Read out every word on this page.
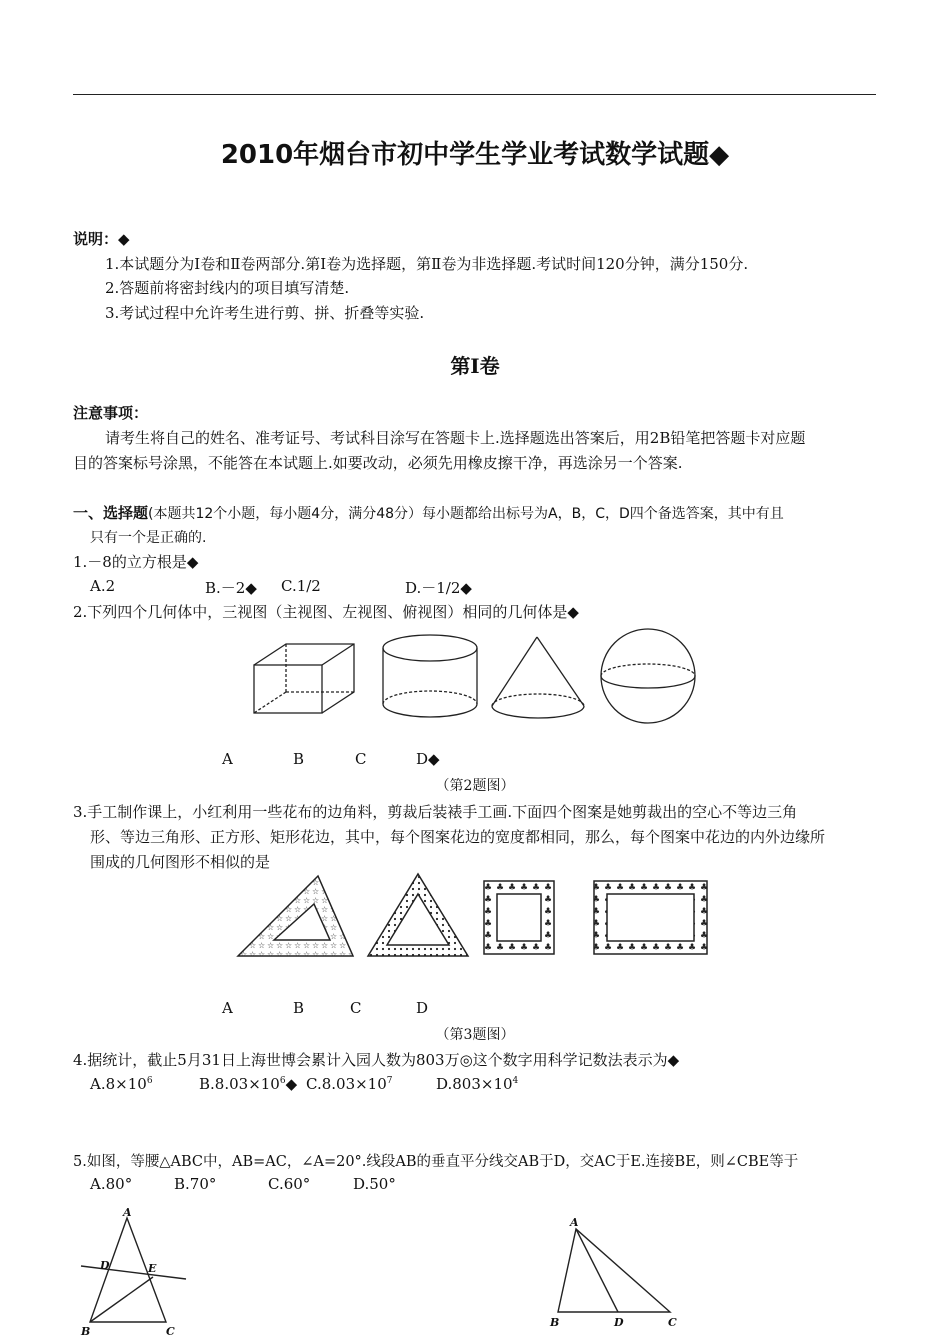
2010年烟台市初中学生学业考试数学试题◆
说明：◆
1.本试题分为Ⅰ卷和Ⅱ卷两部分.第Ⅰ卷为选择题，第Ⅱ卷为非选择题.考试时间120分钟，满分150分.
2.答题前将密封线内的项目填写清楚.
3.考试过程中允许考生进行剪、拼、折叠等实验.
第Ⅰ卷
注意事项：
请考生将自己的姓名、准考证号、考试科目涂写在答题卡上.选择题选出答案后，用2B铅笔把答题卡对应题
目的答案标号涂黑，不能答在本试题上.如要改动，必须先用橡皮擦干净，再选涂另一个答案.
一、选择题(本题共12个小题，每小题4分，满分48分）每小题都给出标号为A，B，C，D四个备选答案，其中有且
只有一个是正确的.
1.－8的立方根是◆
A.2	B.－2◆ C.1/2	D.－1/2◆
2.下列四个几何体中，三视图（主视图、左视图、俯视图）相同的几何体是◆
A	B	C	D◆
（第2题图）
3.手工制作课上，小红利用一些花布的边角料，剪裁后装裱手工画.下面四个图案是她剪裁出的空心不等边三角
形、等边三角形、正方形、矩形花边，其中，每个图案花边的宽度都相同，那么，每个图案中花边的内外边缘所
围成的几何图形不相似的是
A	B	C	D
（第3题图）
4.据统计，截止5月31日上海世博会累计入园人数为803万◎这个数字用科学记数法表示为◆
$A.8\times 10^6$	$B.8.03\times 10^6◆$ $C.8.03\times 10^7$	$D.803\times 10^4$
5.如图，等腰△ABC中，AB=AC，∠A=20°.线段AB的垂直平分线交AB于D，交AC于E.连接BE，则∠CBE等于
A.80°	B.70°	C.60°	D.50°
A
D	E
B	C
A
B	D	C
